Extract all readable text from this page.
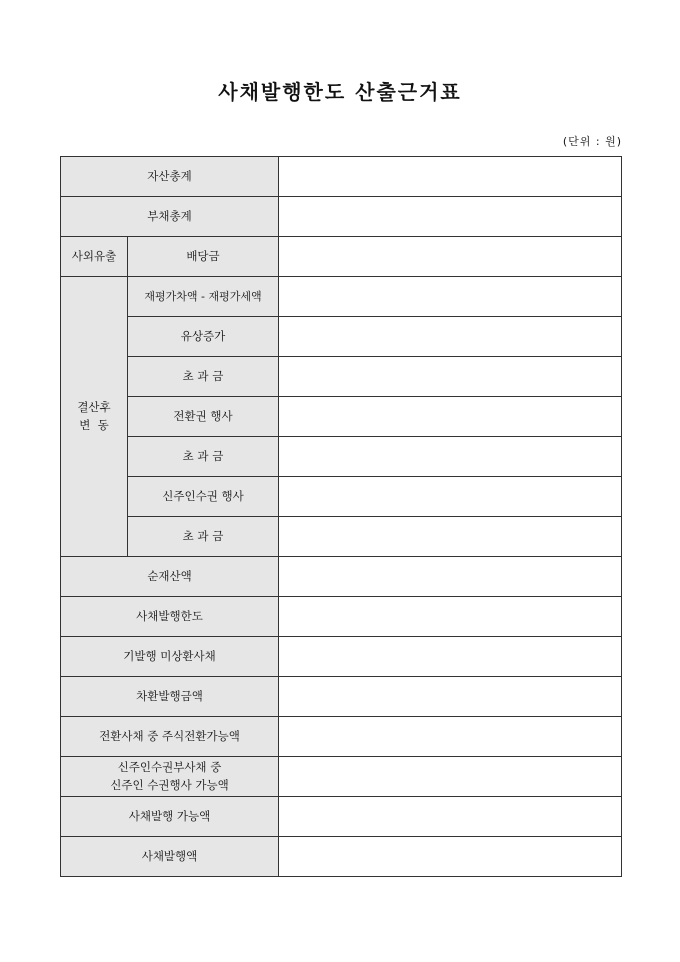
사채발행한도 산출근거표
(단위 : 원)
자산총계		
부채총계		
사외유출	배당금	

결산후
변  동	재평가차액 - 재평가세액	
	유상증가	
	초 과 금	
	전환권 행사	
	초 과 금	
	신주인수권 행사	
	초 과 금	
순재산액		
사채발행한도		
기발행 미상환사채		
차환발행금액		
전환사채 중 주식전환가능액		

신주인수권부사채 중
신주인 수권행사 가능액		

사채발행 가능액		
사채발행액		
